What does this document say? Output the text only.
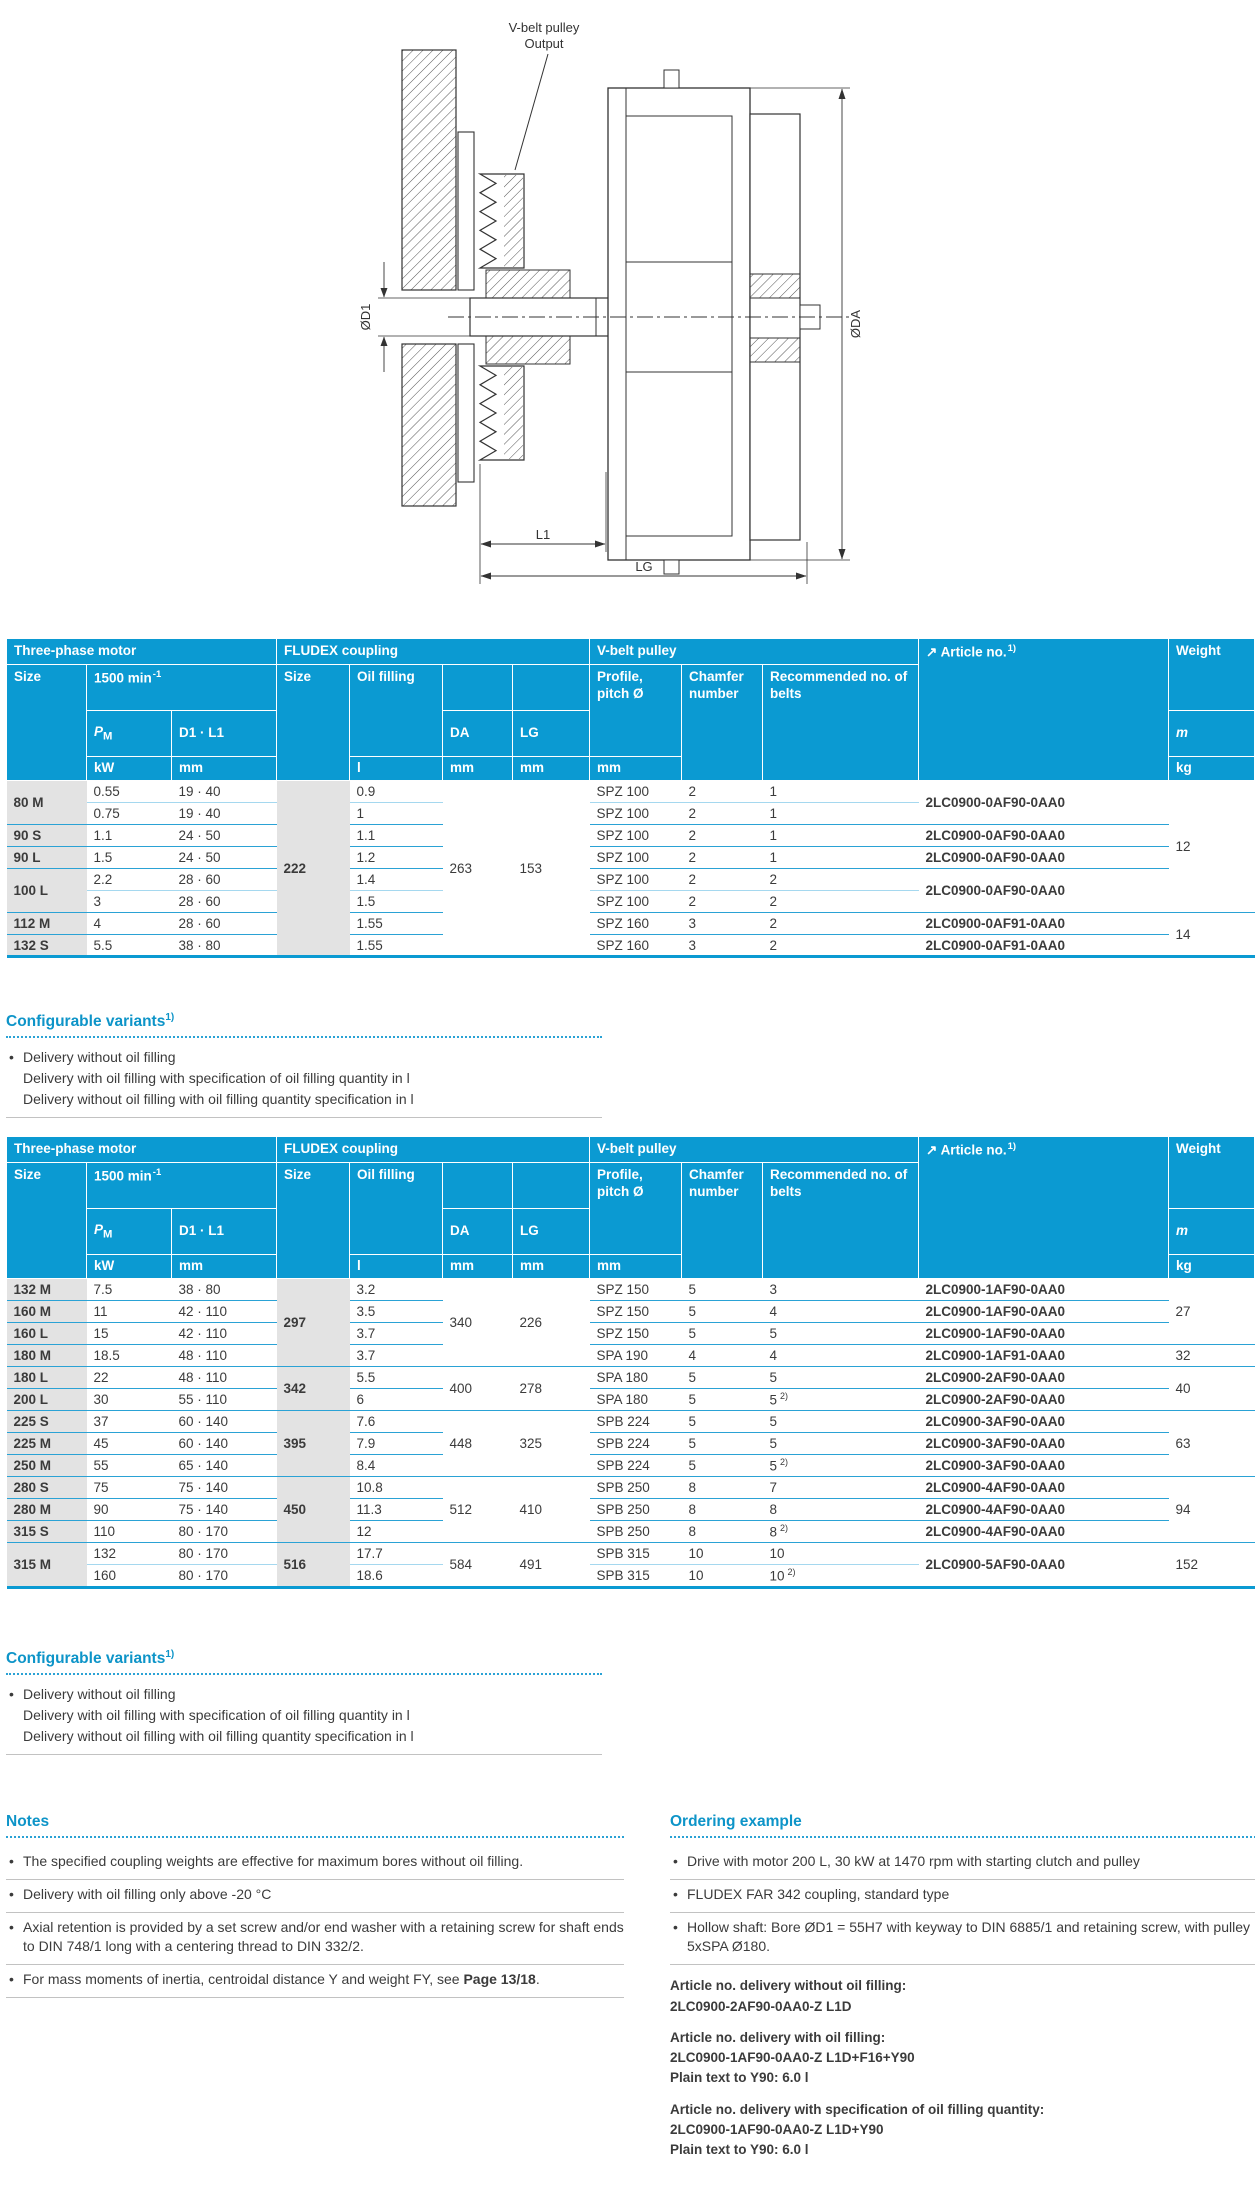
V-belt pulley
Output
ØD1	ØDA
L1
LG
Three-phase motor			FLUDEX coupling				V-belt pulley			↗ Article no.$^{1)}$	Weight
Size	1500 $\min^{-1}$		Size	Oil filling			Profile, pitch Ø	Chamfer number	Recommended no. of belts		
	$P_M$	D1 · L1			DA	LG					m
	kW	mm		l	mm	mm	mm				kg
80 M	0.55	19 · 40	222	0.9	263	153	SPZ 100	2	1	2LC0900-0AF90-0AA0	12
	0.75	19 · 40		1			SPZ 100	2	1		
90 S	1.1	24 · 50		1.1			SPZ 100	2	1	2LC0900-0AF90-0AA0	
90 L	1.5	24 · 50		1.2			SPZ 100	2	1	2LC0900-0AF90-0AA0	
100 L	2.2	28 · 60		1.4			SPZ 100	2	2	2LC0900-0AF90-0AA0	
	3	28 · 60		1.5			SPZ 100	2	2		
112 M	4	28 · 60		1.55			SPZ 160	3	2	2LC0900-0AF91-0AA0	14
132 S	5.5	38 · 80		1.55			SPZ 160	3	2	2LC0900-0AF91-0AA0	
Configurable variants$^{1)}$
• Delivery without oil filling
Delivery with oil filling with specification of oil filling quantity in l
Delivery without oil filling with oil filling quantity specification in l
Three-phase motor			FLUDEX coupling				V-belt pulley			↗ Article no.$^{1)}$	Weight
Size	1500 $\min^{-1}$		Size	Oil filling			Profile, pitch Ø	Chamfer number	Recommended no. of belts		
	$P_M$	D1 · L1			DA	LG					m
	kW	mm		l	mm	mm	mm				kg
132 M	7.5	38 · 80	297	3.2	340	226	SPZ 150	5	3	2LC0900-1AF90-0AA0	27
160 M	11	42 · 110		3.5			SPZ 150	5	4	2LC0900-1AF90-0AA0	
160 L	15	42 · 110		3.7			SPZ 150	5	5	2LC0900-1AF90-0AA0	
180 M	18.5	48 · 110		3.7			SPA 190	4	4	2LC0900-1AF91-0AA0	32
180 L	22	48 · 110	342	5.5	400	278	SPA 180	5	5	2LC0900-2AF90-0AA0	40
200 L	30	55 · 110		6			SPA 180	5	5 $^{2)}$	2LC0900-2AF90-0AA0	
225 S	37	60 · 140	395	7.6	448	325	SPB 224	5	5	2LC0900-3AF90-0AA0	63
225 M	45	60 · 140		7.9			SPB 224	5	5	2LC0900-3AF90-0AA0	
250 M	55	65 · 140		8.4			SPB 224	5	5 $^{2)}$	2LC0900-3AF90-0AA0	
280 S	75	75 · 140	450	10.8	512	410	SPB 250	8	7	2LC0900-4AF90-0AA0	94
280 M	90	75 · 140		11.3			SPB 250	8	8	2LC0900-4AF90-0AA0	
315 S	110	80 · 170		12			SPB 250	8	8 $^{2)}$	2LC0900-4AF90-0AA0	
315 M	132	80 · 170	516	17.7	584	491	SPB 315	10	10	2LC0900-5AF90-0AA0	152
	160	80 · 170		18.6			SPB 315	10	10 $^{2)}$
Configurable variants$^{1)}$
• Delivery without oil filling
Delivery with oil filling with specification of oil filling quantity in l
Delivery without oil filling with oil filling quantity specification in l
Notes
• The specified coupling weights are effective for maximum bores without oil filling.
• Delivery with oil filling only above -20 °C
• Axial retention is provided by a set screw and/or end washer with a retaining screw for shaft ends to DIN 748/1 long with a centering thread to DIN 332/2.
• For mass moments of inertia, centroidal distance Y and weight FY, see Page 13/18.
Ordering example
• Drive with motor 200 L, 30 kW at 1470 rpm with starting clutch and pulley
• FLUDEX FAR 342 coupling, standard type
• Hollow shaft: Bore ØD1 = 55H7 with keyway to DIN 6885/1 and retaining screw, with pulley 5xSPA Ø180.
Article no. delivery without oil filling:
2LC0900-2AF90-0AA0-Z L1D
Article no. delivery with oil filling:
2LC0900-1AF90-0AA0-Z L1D+F16+Y90
Plain text to Y90: 6.0 l
Article no. delivery with specification of oil filling quantity:
2LC0900-1AF90-0AA0-Z L1D+Y90
Plain text to Y90: 6.0 l
